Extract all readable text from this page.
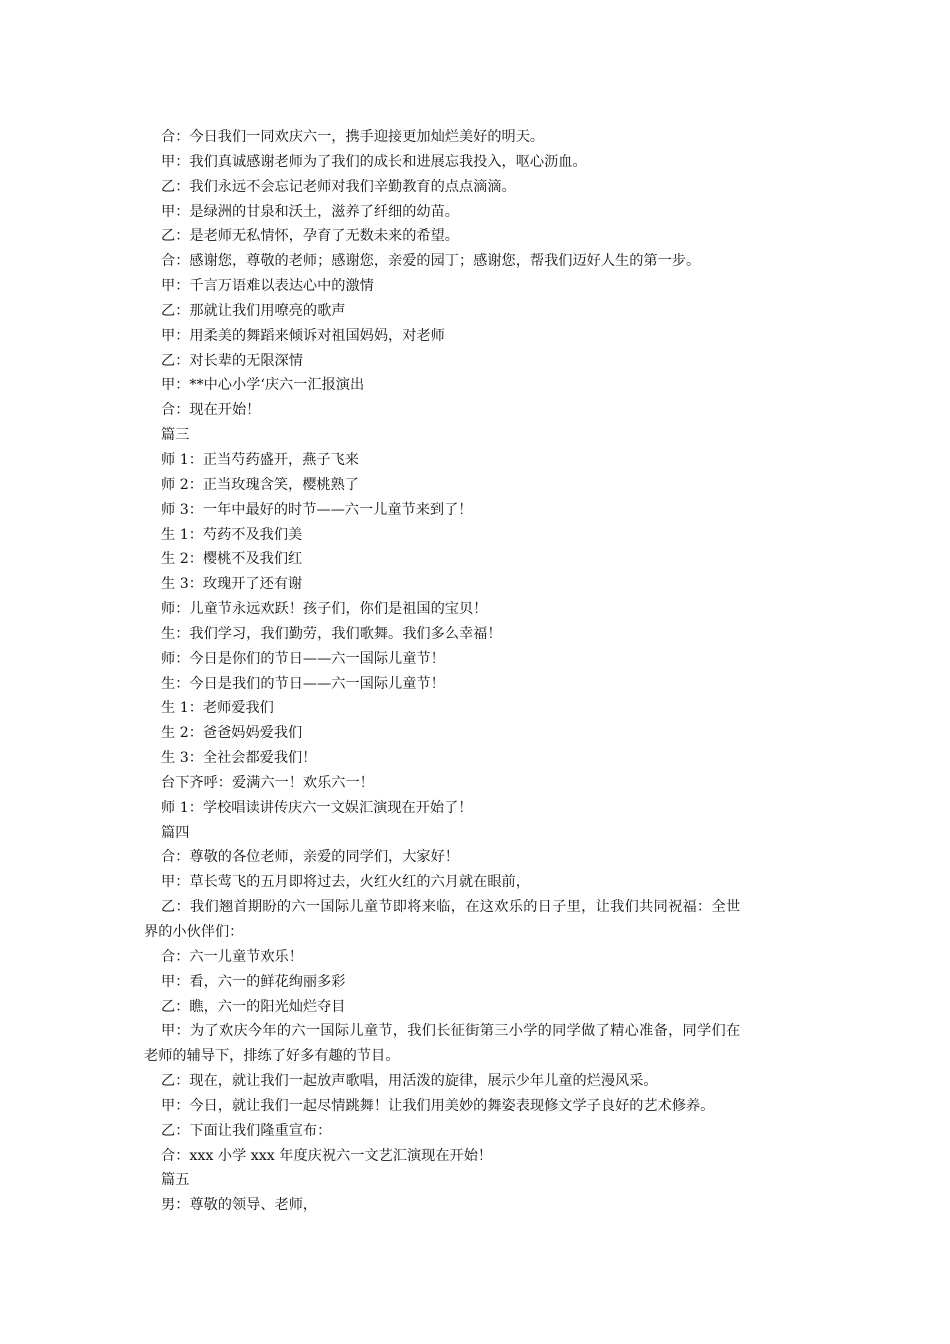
合：今日我们一同欢庆六一，携手迎接更加灿烂美好的明天。
甲：我们真诚感谢老师为了我们的成长和进展忘我投入，呕心沥血。
乙：我们永远不会忘记老师对我们辛勤教育的点点滴滴。
甲：是绿洲的甘泉和沃土，滋养了纤细的幼苗。
乙：是老师无私情怀，孕育了无数未来的希望。
合：感谢您，尊敬的老师；感谢您，亲爱的园丁；感谢您，帮我们迈好人生的第一步。
甲：千言万语难以表达心中的激情
乙：那就让我们用嘹亮的歌声
甲：用柔美的舞蹈来倾诉对祖国妈妈，对老师
乙：对长辈的无限深情
甲：**中心小学‘庆六一汇报演出
合：现在开始！
篇三
师 1：正当芍药盛开，燕子飞来
师 2：正当玫瑰含笑，樱桃熟了
师 3：一年中最好的时节——六一儿童节来到了！
生 1：芍药不及我们美
生 2：樱桃不及我们红
生 3：玫瑰开了还有谢
师：儿童节永远欢跃！孩子们，你们是祖国的宝贝！
生：我们学习，我们勤劳，我们歌舞。我们多么幸福！
师：今日是你们的节日——六一国际儿童节！
生：今日是我们的节日——六一国际儿童节！
生 1：老师爱我们
生 2：爸爸妈妈爱我们
生 3：全社会都爱我们！
台下齐呼：爱满六一！欢乐六一！
师 1：学校唱读讲传庆六一文娱汇演现在开始了！
篇四
合：尊敬的各位老师，亲爱的同学们，大家好！
甲：草长莺飞的五月即将过去，火红火红的六月就在眼前，
乙：我们翘首期盼的六一国际儿童节即将来临，在这欢乐的日子里，让我们共同祝福：全世
界的小伙伴们：
合：六一儿童节欢乐！
甲：看，六一的鲜花绚丽多彩
乙：瞧，六一的阳光灿烂夺目
甲：为了欢庆今年的六一国际儿童节，我们长征街第三小学的同学做了精心准备，同学们在
老师的辅导下，排练了好多有趣的节目。
乙：现在，就让我们一起放声歌唱，用活泼的旋律，展示少年儿童的烂漫风采。
甲：今日，就让我们一起尽情跳舞！让我们用美妙的舞姿表现修文学子良好的艺术修养。
乙：下面让我们隆重宣布：
合：xxx 小学 xxx 年度庆祝六一文艺汇演现在开始！
篇五
男：尊敬的领导、老师，
